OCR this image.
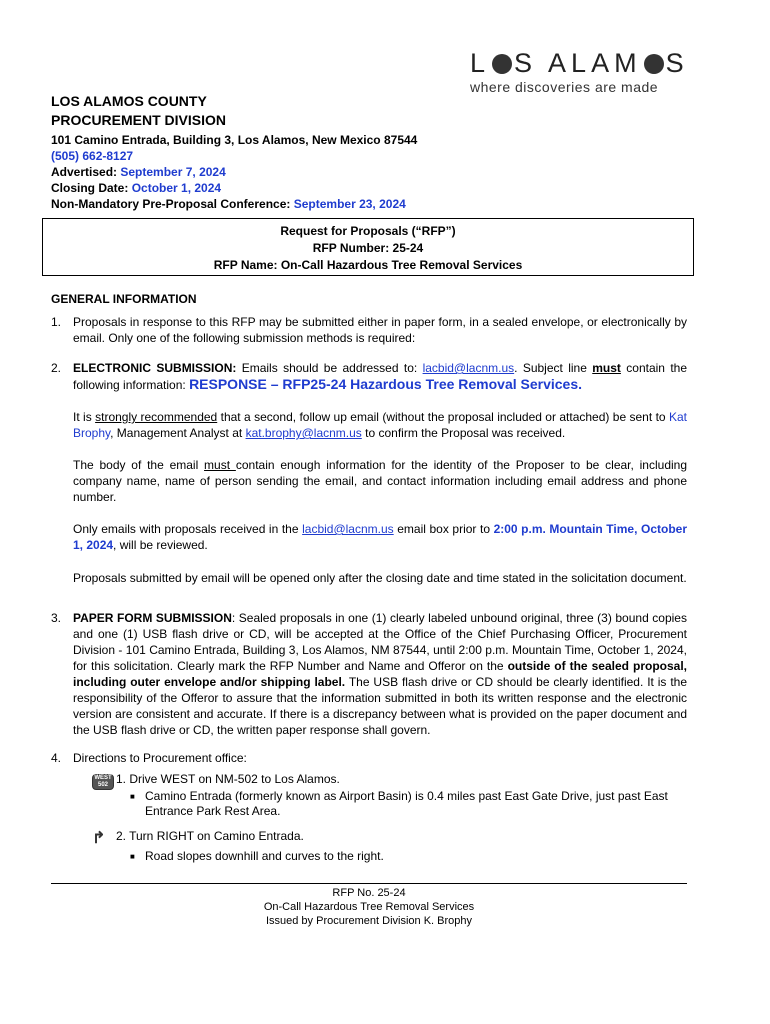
L S ALAM S
where discoveries are made
LOS ALAMOS COUNTY
PROCUREMENT DIVISION
101 Camino Entrada, Building 3, Los Alamos, New Mexico 87544
(505) 662-8127
Advertised: September 7, 2024
Closing Date: October 1, 2024
Non-Mandatory Pre-Proposal Conference: September 23, 2024
Request for Proposals (“RFP”)
RFP Number: 25-24
RFP Name: On-Call Hazardous Tree Removal Services
GENERAL INFORMATION
1. Proposals in response to this RFP may be submitted either in paper form, in a sealed envelope, or electronically by email. Only one of the following submission methods is required:

2. ELECTRONIC SUBMISSION: Emails should be addressed to: lacbid@lacnm.us. Subject line must contain the following information: RESPONSE – RFP25-24 Hazardous Tree Removal Services.

It is strongly recommended that a second, follow up email (without the proposal included or attached) be sent to Kat Brophy, Management Analyst at kat.brophy@lacnm.us to confirm the Proposal was received.

The body of the email must contain enough information for the identity of the Proposer to be clear, including company name, name of person sending the email, and contact information including email address and phone number.

Only emails with proposals received in the lacbid@lacnm.us email box prior to 2:00 p.m. Mountain Time, October 1, 2024, will be reviewed.

Proposals submitted by email will be opened only after the closing date and time stated in the solicitation document.

3. PAPER FORM SUBMISSION: Sealed proposals in one (1) clearly labeled unbound original, three (3) bound copies and one (1) USB flash drive or CD, will be accepted at the Office of the Chief Purchasing Officer, Procurement Division - 101 Camino Entrada, Building 3, Los Alamos, NM 87544, until 2:00 p.m. Mountain Time, October 1, 2024, for this solicitation. Clearly mark the RFP Number and Name and Offeror on the outside of the sealed proposal, including outer envelope and/or shipping label. The USB flash drive or CD should be clearly identified. It is the responsibility of the Offeror to assure that the information submitted in both its written response and the electronic version are consistent and accurate. If there is a discrepancy between what is provided on the paper document and the USB flash drive or CD, the written paper response shall govern.

4. Directions to Procurement office:

WEST 502 1. Drive WEST on NM-502 to Los Alamos.
■ Camino Entrada (formerly known as Airport Basin) is 0.4 miles past East Gate Drive, just past East Entrance Park Rest Area.
↱ 2. Turn RIGHT on Camino Entrada.
■ Road slopes downhill and curves to the right.
RFP No. 25-24
On-Call Hazardous Tree Removal Services
Issued by Procurement Division K. Brophy
